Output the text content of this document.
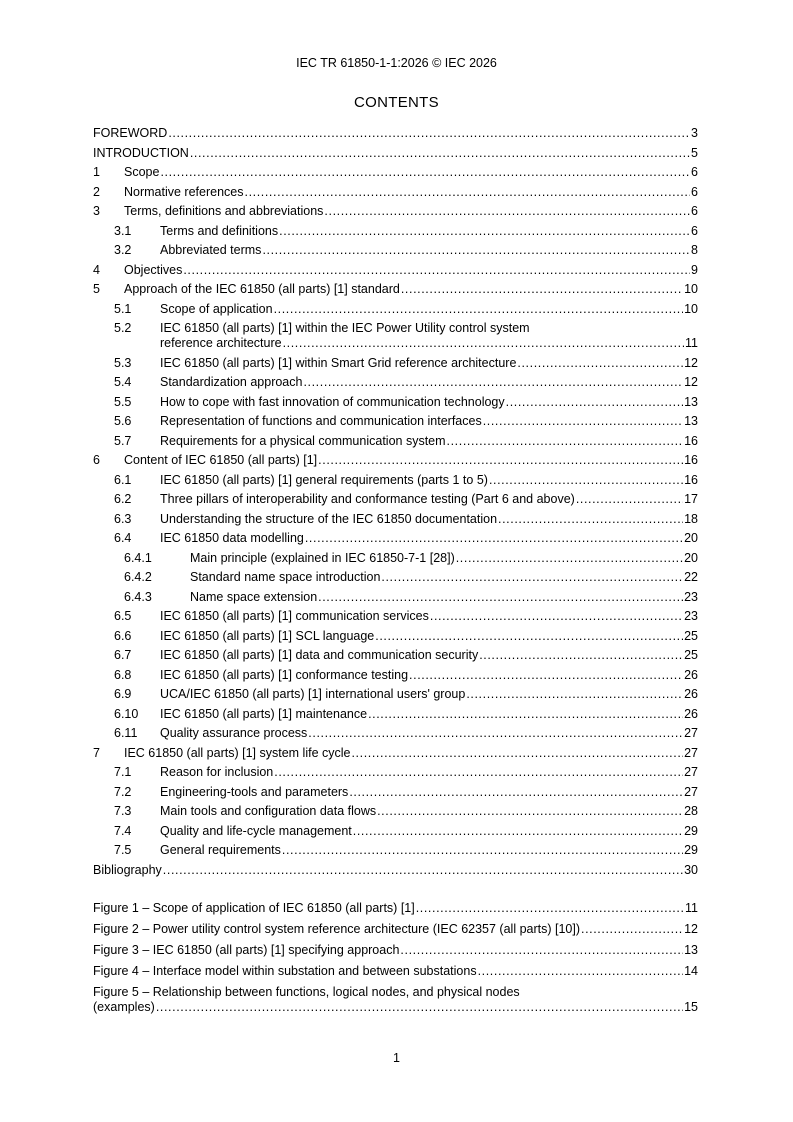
IEC TR 61850-1-1:2026 © IEC 2026
CONTENTS
FOREWORD .....	3
INTRODUCTION .....	5
1 Scope .....	6
2 Normative references .....	6
3 Terms, definitions and abbreviations .....	6
3.1 Terms and definitions .....	6
3.2 Abbreviated terms .....	8
4 Objectives .....	9
5 Approach of the IEC 61850 (all parts) [1] standard .....	10
5.1 Scope of application .....	10
5.2 IEC 61850 (all parts) [1] within the IEC Power Utility control system
reference architecture .....	11
5.3 IEC 61850 (all parts) [1] within Smart Grid reference architecture .....	12
5.4 Standardization approach .....	12
5.5 How to cope with fast innovation of communication technology .....	13
5.6 Representation of functions and communication interfaces .....	13
5.7 Requirements for a physical communication system .....	16
6 Content of IEC 61850 (all parts) [1] .....	16
6.1 IEC 61850 (all parts) [1] general requirements (parts 1 to 5) .....	16
6.2 Three pillars of interoperability and conformance testing (Part 6 and above) .....	17
6.3 Understanding the structure of the IEC 61850 documentation .....	18
6.4 IEC 61850 data modelling .....	20
6.4.1	Main principle (explained in IEC 61850-7-1 [28]) .....	20
6.4.2	Standard name space introduction .....	22
6.4.3	Name space extension .....	23
6.5 IEC 61850 (all parts) [1] communication services .....	23
6.6 IEC 61850 (all parts) [1] SCL language .....	25
6.7 IEC 61850 (all parts) [1] data and communication security .....	25
6.8 IEC 61850 (all parts) [1] conformance testing .....	26
6.9 UCA/IEC 61850 (all parts) [1] international users' group .....	26
6.10 IEC 61850 (all parts) [1] maintenance .....	26
6.11 Quality assurance process .....	27
7 IEC 61850 (all parts) [1] system life cycle .....	27
7.1 Reason for inclusion .....	27
7.2 Engineering-tools and parameters .....	27
7.3 Main tools and configuration data flows .....	28
7.4 Quality and life-cycle management .....	29
7.5 General requirements .....	29
Bibliography .....	30
Figure 1 – Scope of application of IEC 61850 (all parts) [1] .....	11
Figure 2 – Power utility control system reference architecture (IEC 62357 (all parts) [10]) .....	12
Figure 3 – IEC 61850 (all parts) [1] specifying approach .....	13
Figure 4 – Interface model within substation and between substations .....	14
Figure 5 – Relationship between functions, logical nodes, and physical nodes
(examples) .....	15
1
